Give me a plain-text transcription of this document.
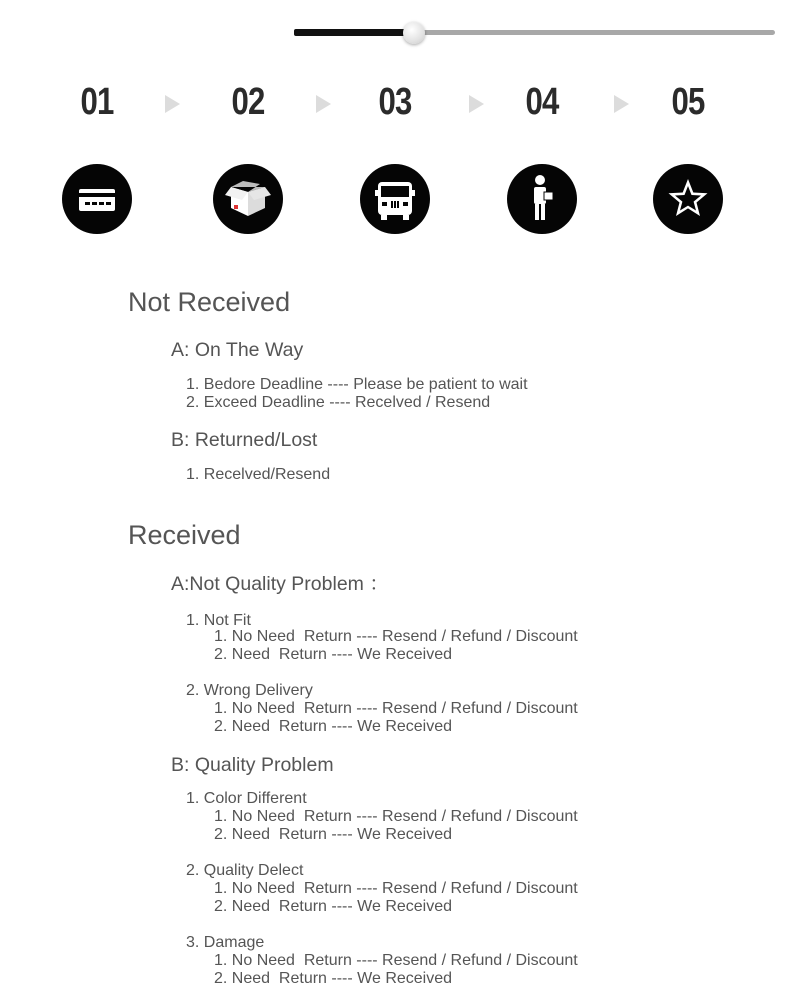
01	02	03	04	05
Not Received
A: On The Way
1. Bedore Deadline ---- Please be patient to wait
2. Exceed Deadline ---- Recelved / Resend
B: Returned/Lost
1. Recelved/Resend
Received
A:Not Quality Problem ：
1. Not Fit
1. No Need  Return ---- Resend / Refund / Discount
2. Need  Return ---- We Received
2. Wrong Delivery
1. No Need  Return ---- Resend / Refund / Discount
2. Need  Return ---- We Received
B: Quality Problem
1. Color Different
1. No Need  Return ---- Resend / Refund / Discount
2. Need  Return ---- We Received
2. Quality Delect
1. No Need  Return ---- Resend / Refund / Discount
2. Need  Return ---- We Received
3. Damage
1. No Need  Return ---- Resend / Refund / Discount
2. Need  Return ---- We Received
